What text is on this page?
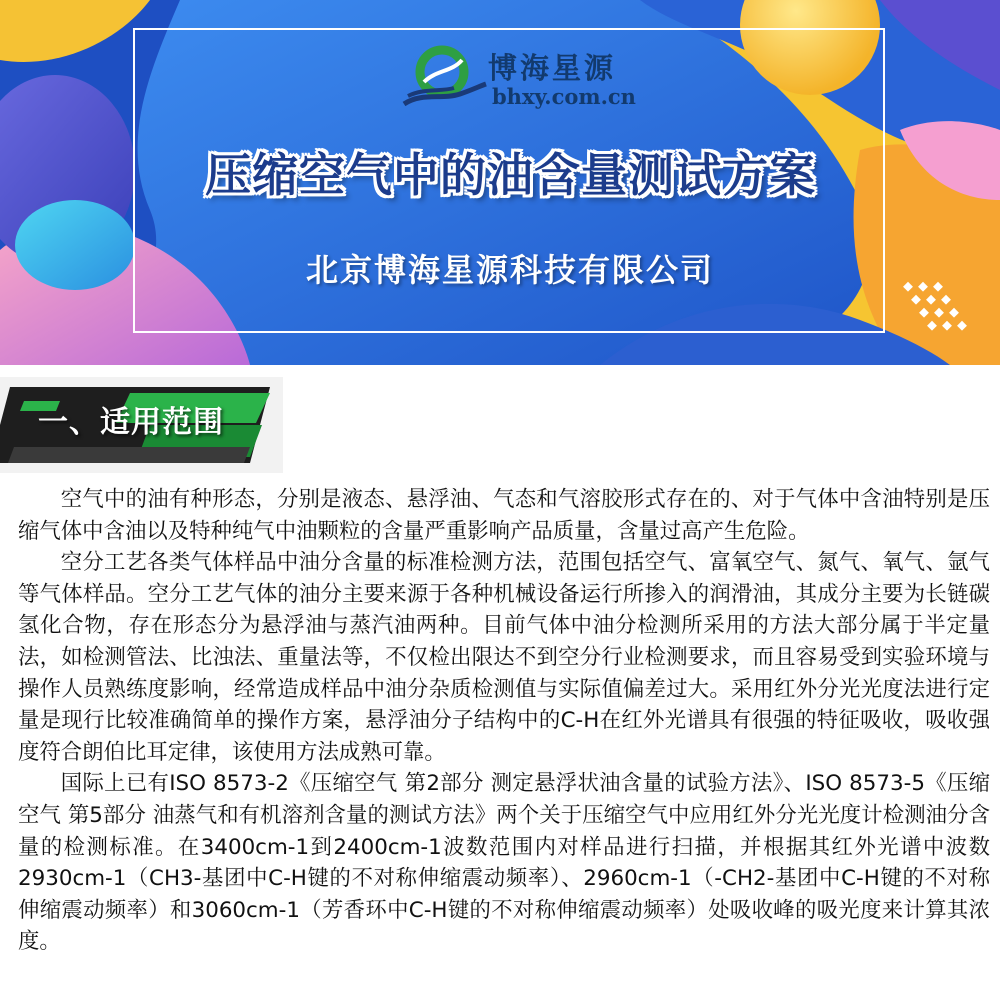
博海星源
bhxy.com.cn
压缩空气中的油含量测试方案
北京博海星源科技有限公司
一、适用范围

空气中的油有种形态，分别是液态、悬浮油、气态和气溶胶形式存在的、对于气体中含油特别是压缩气体中含油以及特种纯气中油颗粒的含量严重影响产品质量，含量过高产生危险。

空分工艺各类气体样品中油分含量的标准检测方法，范围包括空气、富氧空气、氮气、氧气、氩气等气体样品。空分工艺气体的油分主要来源于各种机械设备运行所掺入的润滑油，其成分主要为长链碳氢化合物，存在形态分为悬浮油与蒸汽油两种。目前气体中油分检测所采用的方法大部分属于半定量法，如检测管法、比浊法、重量法等，不仅检出限达不到空分行业检测要求，而且容易受到实验环境与操作人员熟练度影响，经常造成样品中油分杂质检测值与实际值偏差过大。采用红外分光光度法进行定量是现行比较准确简单的操作方案，悬浮油分子结构中的C-H在红外光谱具有很强的特征吸收，吸收强度符合朗伯比耳定律，该使用方法成熟可靠。

国际上已有ISO 8573-2《压缩空气 第2部分 测定悬浮状油含量的试验方法》、ISO 8573-5《压缩空气 第5部分 油蒸气和有机溶剂含量的测试方法》两个关于压缩空气中应用红外分光光度计检测油分含量的检测标准。在3400cm-1到2400cm-1波数范围内对样品进行扫描，并根据其红外光谱中波数2930cm-1（CH3-基团中C-H键的不对称伸缩震动频率）、2960cm-1（-CH2-基团中C-H键的不对称伸缩震动频率）和3060cm-1（芳香环中C-H键的不对称伸缩震动频率）处吸收峰的吸光度来计算其浓度。
